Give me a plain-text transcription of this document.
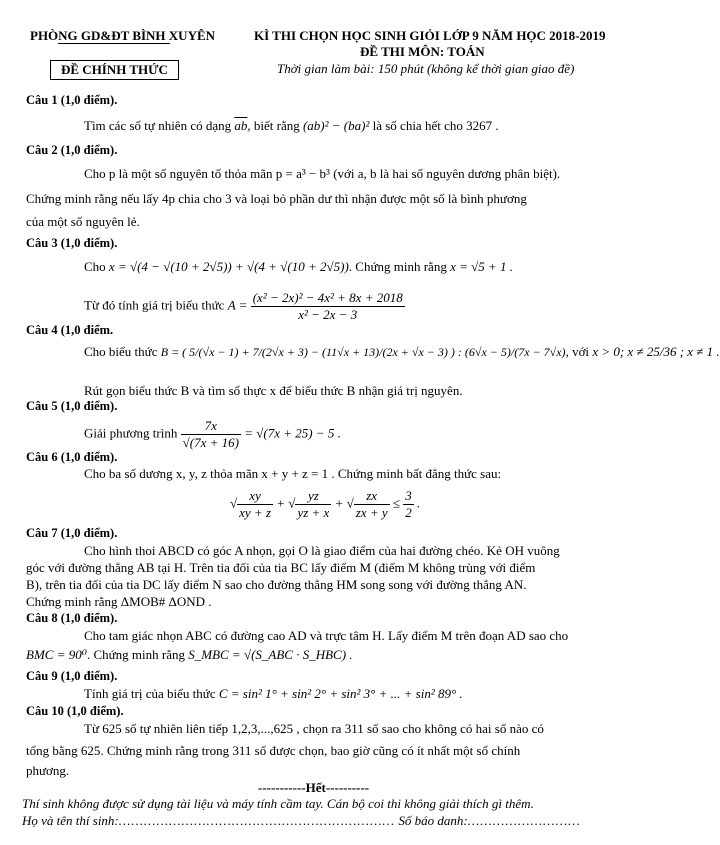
PHÒNG GD&ĐT BÌNH XUYÊN	KÌ THI CHỌN HỌC SINH GIỎI LỚP 9 NĂM HỌC 2018-2019
ĐỀ THI MÔN: TOÁN
ĐỀ CHÍNH THỨC	Thời gian làm bài: 150 phút (không kể thời gian giao đề)
Câu 1 (1,0 điểm).
Tìm các số tự nhiên có dạng $\overline{ab}$, biết rằng (ab)² − (ba)² là số chia hết cho 3267 .
Câu 2 (1,0 điểm).
Cho p là một số nguyên tố thỏa mãn p = a³ − b³ (với a, b là hai số nguyên dương phân biệt).
Chứng minh rằng nếu lấy 4p chia cho 3 và loại bỏ phần dư thì nhận được một số là bình phương
của một số nguyên lẻ.
Câu 3 (1,0 điểm).
Cho x = √(4 − √(10 + 2√5)) + √(4 + √(10 + 2√5)). Chứng minh rằng x = √5 + 1 .
Từ đó tính giá trị biểu thức $A = \frac{\text{(x² − 2x)² − 4x² + 8x + 2018}}{\text{x² − 2x − 3}}$
Câu 4 (1,0 điểm.
Cho biểu thức B = ( 5/(√x − 1) + 7/(2√x + 3) − (11√x + 13)/(2x + √x − 3) ) : (6√x − 5)/(7x − 7√x), với x > 0; x ≠ 25/36 ; x ≠ 1 .
Rút gọn biểu thức B và tìm số thực x để biểu thức B nhận giá trị nguyên.
Câu 5 (1,0 điểm).
Giải phương trình $\frac{7x}{√(7x + 16)} = √(7x + 25) - 5$ .
Câu 6 (1,0 điểm).
Cho ba số dương x, y, z thỏa mãn x + y + z = 1 . Chứng minh bất đẳng thức sau:
√ $\frac{xy}{xy + z}$ + √ $\frac{yz}{yz + x}$ + √ $\frac{zx}{zx + y} \le \frac{3}{2}$ .
Câu 7 (1,0 điểm).
Cho hình thoi ABCD có góc A nhọn, gọi O là giao điểm của hai đường chéo. Kẻ OH vuông
góc với đường thẳng AB tại H. Trên tia đối của tia BC lấy điểm M (điểm M không trùng với điểm
B), trên tia đối của tia DC lấy điểm N sao cho đường thẳng HM song song với đường thẳng AN.
Chứng minh rằng ΔMOB# ΔOND .
Câu 8 (1,0 điểm).
Cho tam giác nhọn ABC có đường cao AD và trực tâm H. Lấy điểm M trên đoạn AD sao cho
BMC = 90⁰. Chứng minh rằng S_MBC = √(S_ABC · S_HBC) .
Câu 9 (1,0 điểm).
Tính giá trị của biểu thức C = sin² 1° + sin² 2° + sin² 3° + ... + sin² 89° .
Câu 10 (1,0 điểm).
Từ 625 số tự nhiên liên tiếp 1,2,3,...,625 , chọn ra 311 số sao cho không có hai số nào có
tổng bằng 625. Chứng minh rằng trong 311 số được chọn, bao giờ cũng có ít nhất một số chính
phương.
-----------Hết----------
Thí sinh không được sử dụng tài liệu và máy tính cầm tay. Cán bộ coi thi không giải thích gì thêm.
Họ và tên thí sinh:………………………………………………………… Số báo danh:………………………
